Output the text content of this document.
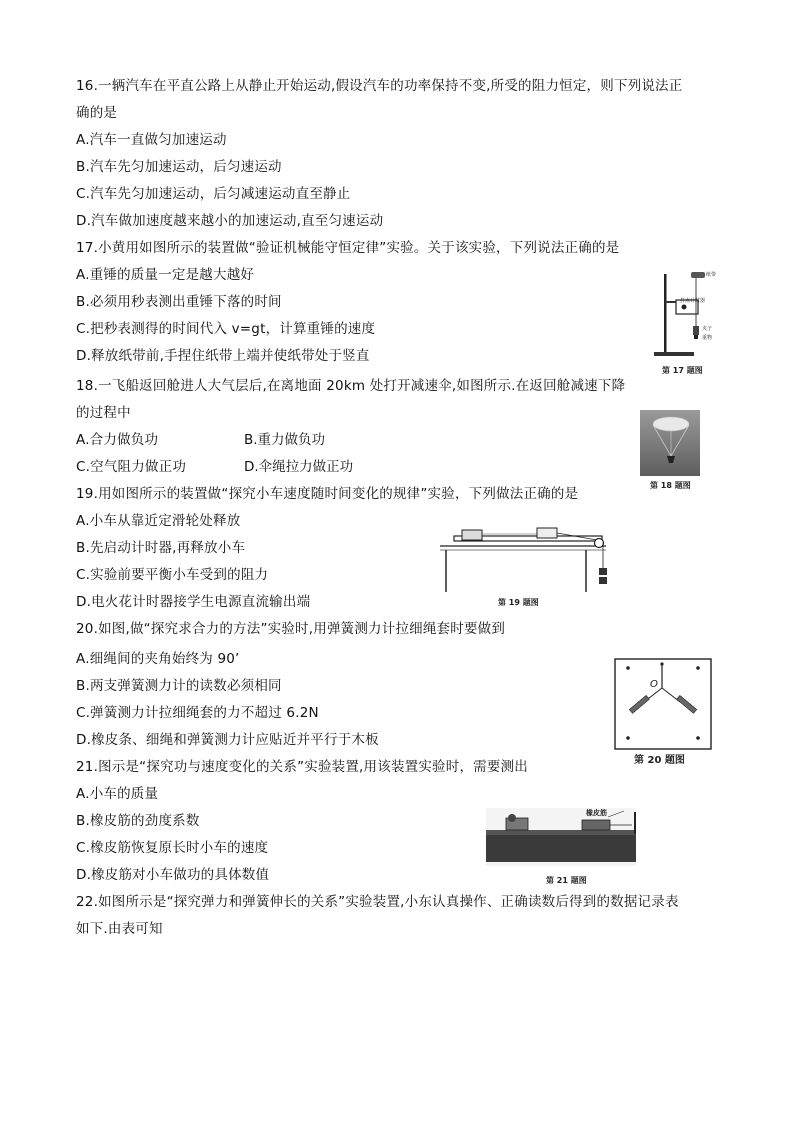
16.一辆汽车在平直公路上从静止开始运动,假设汽车的功率保持不变,所受的阻力恒定，则下列说法正
确的是
A.汽车一直做匀加速运动
B.汽车先匀加速运动，后匀速运动
C.汽车先匀加速运动，后匀减速运动直至静止
D.汽车做加速度越来越小的加速运动,直至匀速运动
17.小黄用如图所示的装置做“验证机械能守恒定律”实验。关于该实验，下列说法正确的是
A.重锤的质量一定是越大越好
B.必须用秒表测出重锤下落的时间
C.把秒表测得的时间代入 v=gt，计算重锤的速度
D.释放纸带前,手捏住纸带上端并使纸带处于竖直
打点计时器
夹子
重物
纸带
第 17 题图
18.一飞船返回舱进人大气层后,在离地面 20km 处打开减速伞,如图所示.在返回舱减速下降
的过程中
A.合力做负功	B.重力做负功
C.空气阻力做正功	D.伞绳拉力做正功
第 18 题图
19.用如图所示的装置做“探究小车速度随时间变化的规律”实验，下列做法正确的是
A.小车从靠近定滑轮处释放
B.先启动计时器,再释放小车
C.实验前要平衡小车受到的阻力
D.电火花计时器接学生电源直流输出端	第 19 题图
20.如图,做“探究求合力的方法”实验时,用弹簧测力计拉细绳套时要做到
A.细绳间的夹角始终为 90’
B.两支弹簧测力计的读数必须相同
C.弹簧测力计拉细绳套的力不超过 6.2N
D.橡皮条、细绳和弹簧测力计应贴近并平行于木板
O
第 20 题图
21.图示是“探究功与速度变化的关系”实验装置,用该装置实验时，需要测出
A.小车的质量
B.橡皮筋的劲度系数
C.橡皮筋恢复原长时小车的速度
D.橡皮筋对小车做功的具体数值
橡皮筋
第 21 题图
22.如图所示是“探究弹力和弹簧伸长的关系”实验装置,小东认真操作、正确读数后得到的数据记录表
如下.由表可知
